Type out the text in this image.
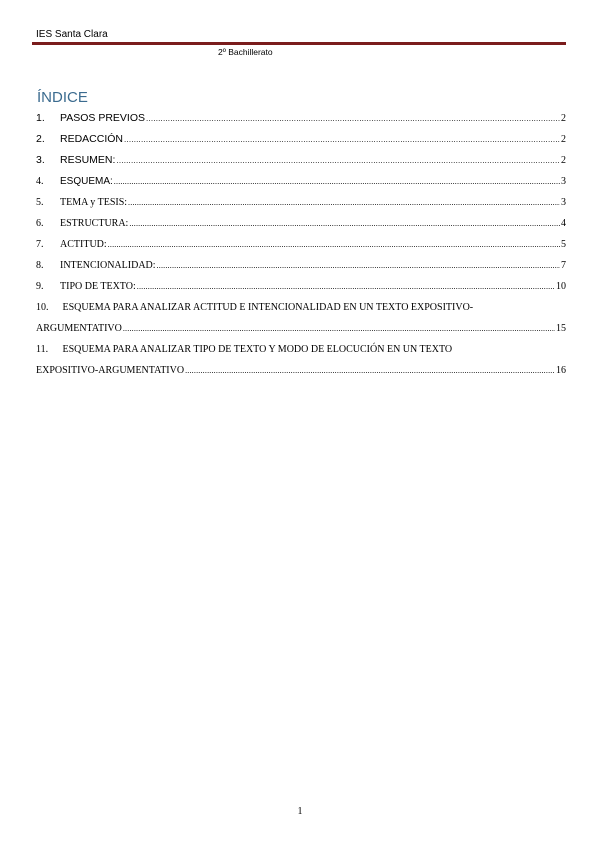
IES Santa Clara
2º Bachillerato
ÍNDICE
1.	PASOS PREVIOS .....	2
2.	REDACCIÓN .....	2
3.	RESUMEN: .....	2
4.	ESQUEMA: .....	3
5.	TEMA y TESIS: .....	3
6.	ESTRUCTURA: .....	4
7.	ACTITUD: .....	5
8.	INTENCIONALIDAD: .....	7
9.	TIPO DE TEXTO: .....	10
10. ESQUEMA PARA ANALIZAR ACTITUD E INTENCIONALIDAD EN UN TEXTO EXPOSITIVO-
ARGUMENTATIVO .....	15
11. ESQUEMA PARA ANALIZAR TIPO DE TEXTO Y MODO DE ELOCUCIÓN EN UN TEXTO
EXPOSITIVO-ARGUMENTATIVO .....	16
1
